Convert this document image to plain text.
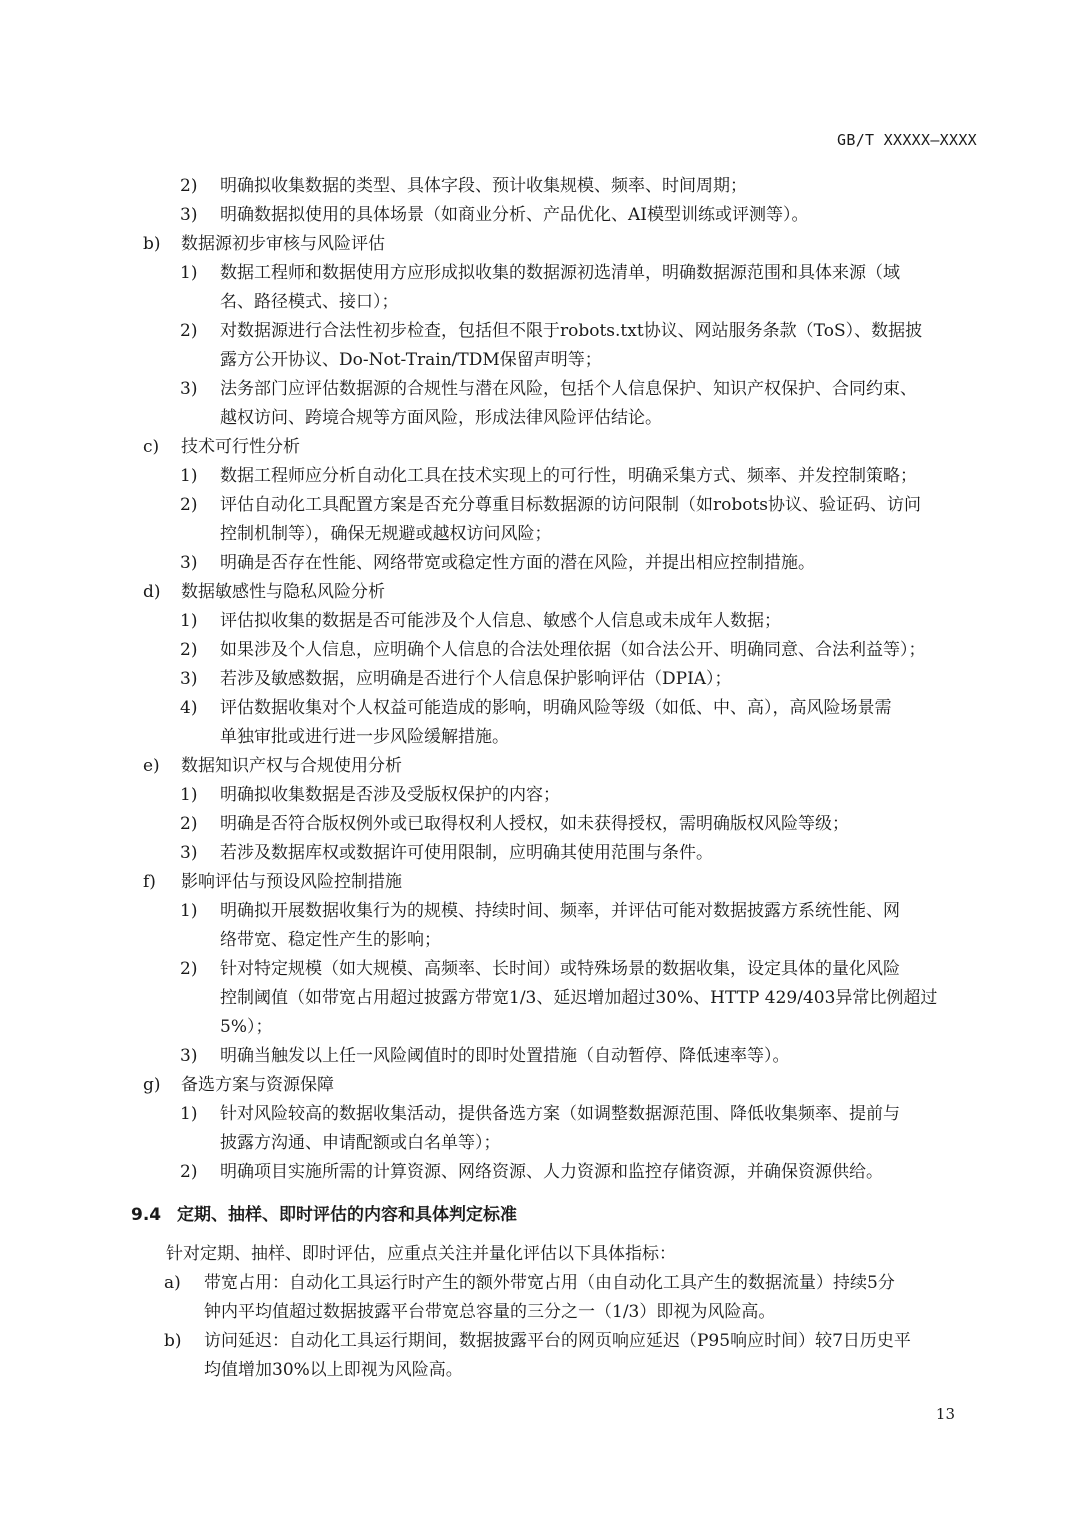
GB/T XXXXX—XXXX
2) 明确拟收集数据的类型、具体字段、预计收集规模、频率、时间周期；
3) 明确数据拟使用的具体场景（如商业分析、产品优化、AI模型训练或评测等）。
b)	数据源初步审核与风险评估
1) 数据工程师和数据使用方应形成拟收集的数据源初选清单，明确数据源范围和具体来源（域
名、路径模式、接口）；
2) 对数据源进行合法性初步检查，包括但不限于robots.txt协议、网站服务条款（ToS）、数据披
露方公开协议、Do-Not-Train/TDM保留声明等；
3) 法务部门应评估数据源的合规性与潜在风险，包括个人信息保护、知识产权保护、合同约束、
越权访问、跨境合规等方面风险，形成法律风险评估结论。
c)	技术可行性分析
1) 数据工程师应分析自动化工具在技术实现上的可行性，明确采集方式、频率、并发控制策略；
2) 评估自动化工具配置方案是否充分尊重目标数据源的访问限制（如robots协议、验证码、访问
控制机制等），确保无规避或越权访问风险；
3) 明确是否存在性能、网络带宽或稳定性方面的潜在风险，并提出相应控制措施。
d)	数据敏感性与隐私风险分析
1) 评估拟收集的数据是否可能涉及个人信息、敏感个人信息或未成年人数据；
2) 如果涉及个人信息，应明确个人信息的合法处理依据（如合法公开、明确同意、合法利益等）；
3) 若涉及敏感数据，应明确是否进行个人信息保护影响评估（DPIA）；
4) 评估数据收集对个人权益可能造成的影响，明确风险等级（如低、中、高），高风险场景需
单独审批或进行进一步风险缓解措施。
e)	数据知识产权与合规使用分析
1) 明确拟收集数据是否涉及受版权保护的内容；
2) 明确是否符合版权例外或已取得权利人授权，如未获得授权，需明确版权风险等级；
3) 若涉及数据库权或数据许可使用限制，应明确其使用范围与条件。
f)	影响评估与预设风险控制措施
1) 明确拟开展数据收集行为的规模、持续时间、频率，并评估可能对数据披露方系统性能、网
络带宽、稳定性产生的影响；
2) 针对特定规模（如大规模、高频率、长时间）或特殊场景的数据收集，设定具体的量化风险
控制阈值（如带宽占用超过披露方带宽1/3、延迟增加超过30%、HTTP 429/403异常比例超过
5%）；
3) 明确当触发以上任一风险阈值时的即时处置措施（自动暂停、降低速率等）。
g)	备选方案与资源保障
1) 针对风险较高的数据收集活动，提供备选方案（如调整数据源范围、降低收集频率、提前与
披露方沟通、申请配额或白名单等）；
2) 明确项目实施所需的计算资源、网络资源、人力资源和监控存储资源，并确保资源供给。
9.4 定期、抽样、即时评估的内容和具体判定标准
针对定期、抽样、即时评估，应重点关注并量化评估以下具体指标：
a) 带宽占用：自动化工具运行时产生的额外带宽占用（由自动化工具产生的数据流量）持续5分
钟内平均值超过数据披露平台带宽总容量的三分之一（1/3）即视为风险高。
b) 访问延迟：自动化工具运行期间，数据披露平台的网页响应延迟（P95响应时间）较7日历史平
均值增加30%以上即视为风险高。
13
